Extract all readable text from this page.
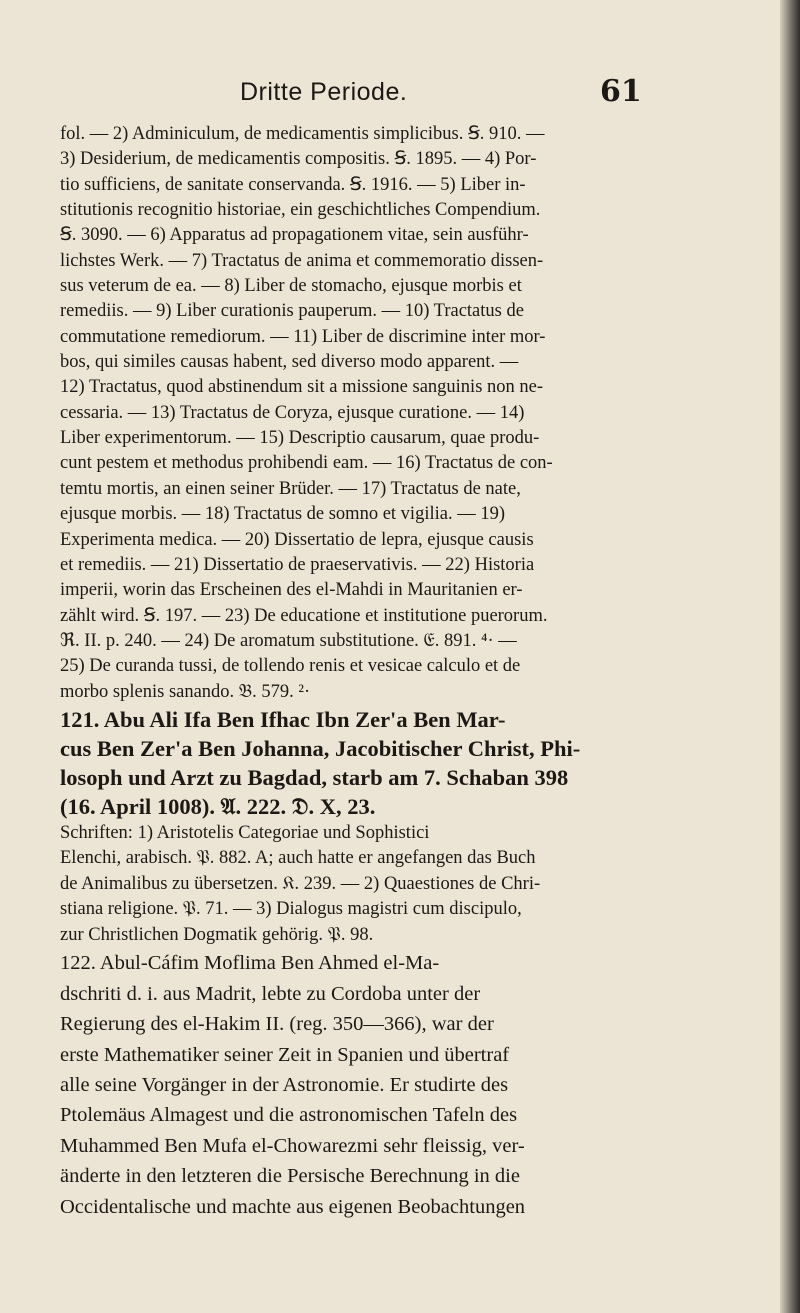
Dritte Periode.	61

fol. — 2) Adminiculum, de medicamentis simplicibus. Ꞩ. 910. —

3) Desiderium, de medicamentis compositis. Ꞩ. 1895. — 4) Por-

tio sufficiens, de sanitate conservanda. Ꞩ. 1916. — 5) Liber in-

stitutionis recognitio historiae, ein geschichtliches Compendium.

Ꞩ. 3090. — 6) Apparatus ad propagationem vitae, sein ausführ-

lichstes Werk. — 7) Tractatus de anima et commemoratio dissen-

sus veterum de ea. — 8) Liber de stomacho, ejusque morbis et

remediis. — 9) Liber curationis pauperum. — 10) Tractatus de

commutatione remediorum. — 11) Liber de discrimine inter mor-

bos, qui similes causas habent, sed diverso modo apparent. —

12) Tractatus, quod abstinendum sit a missione sanguinis non ne-

cessaria. — 13) Tractatus de Coryza, ejusque curatione. — 14)

Liber experimentorum. — 15) Descriptio causarum, quae produ-

cunt pestem et methodus prohibendi eam. — 16) Tractatus de con-

temtu mortis, an einen seiner Brüder. — 17) Tractatus de nate,

ejusque morbis. — 18) Tractatus de somno et vigilia. — 19)

Experimenta medica. — 20) Dissertatio de lepra, ejusque causis

et remediis. — 21) Dissertatio de praeservativis. — 22) Historia

imperii, worin das Erscheinen des el-Mahdi in Mauritanien er-

zählt wird. Ꞩ. 197. — 23) De educatione et institutione puerorum.

ℜ. II. p. 240. — 24) De aromatum substitutione. 𝔈. 891. ⁴· —

25) De curanda tussi, de tollendo renis et vesicae calculo et de

morbo splenis sanando. 𝔅. 579. ²·

121. Abu Ali Ifa Ben Ifhac Ibn Zer'a Ben Mar-

cus Ben Zer'a Ben Johanna, Jacobitischer Christ, Phi-

losoph und Arzt zu Bagdad, starb am 7. Schaban 398

(16. April 1008). 𝔄. 222. 𝔇. X, 23.

Schriften: 1) Aristotelis Categoriae und Sophistici

Elenchi, arabisch. 𝔓. 882. A; auch hatte er angefangen das Buch

de Animalibus zu übersetzen. 𝔎. 239. — 2) Quaestiones de Chri-

stiana religione. 𝔓. 71. — 3) Dialogus magistri cum discipulo,

zur Christlichen Dogmatik gehörig. 𝔓. 98.

122. Abul-Cáfim Moflima Ben Ahmed el-Ma-

dschriti d. i. aus Madrit, lebte zu Cordoba unter der

Regierung des el-Hakim II. (reg. 350—366), war der

erste Mathematiker seiner Zeit in Spanien und übertraf

alle seine Vorgänger in der Astronomie. Er studirte des

Ptolemäus Almagest und die astronomischen Tafeln des

Muhammed Ben Mufa el-Chowarezmi sehr fleissig, ver-

änderte in den letzteren die Persische Berechnung in die

Occidentalische und machte aus eigenen Beobachtungen
